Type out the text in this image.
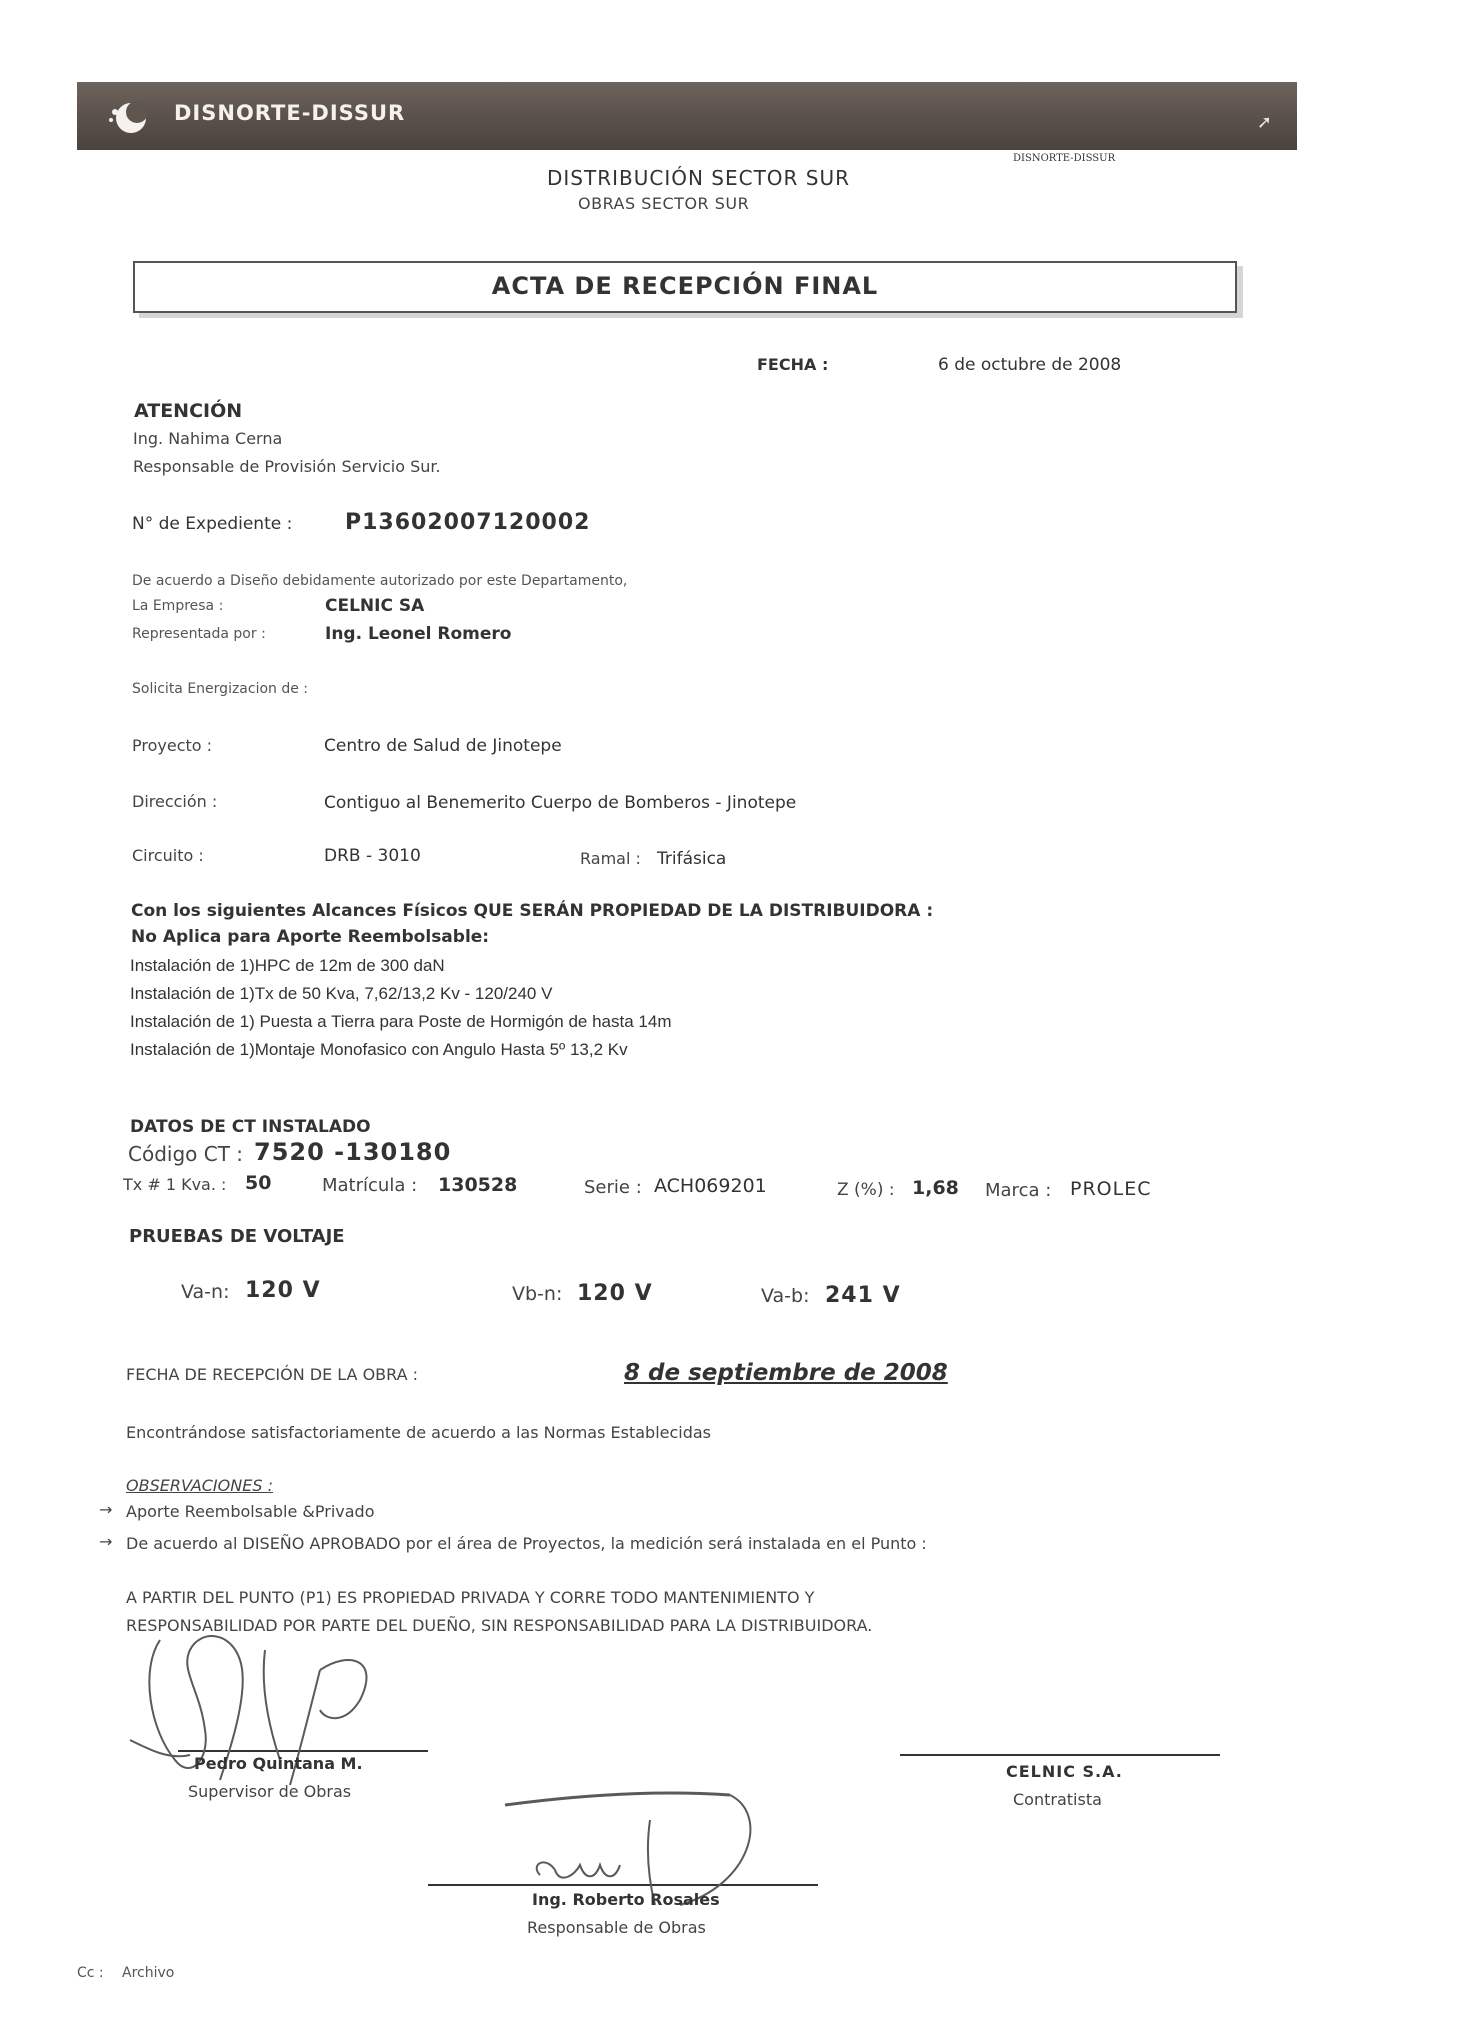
DISNORTE-DISSUR	➚
DISNORTE-DISSUR
DISTRIBUCIÓN SECTOR SUR
OBRAS SECTOR SUR
ACTA DE RECEPCIÓN FINAL
FECHA :	6 de octubre de 2008
ATENCIÓN
Ing. Nahima Cerna
Responsable de Provisión Servicio Sur.
N° de Expediente : P13602007120002
De acuerdo a Diseño debidamente autorizado por este Departamento,
La Empresa :	CELNIC SA
Representada por :	Ing. Leonel Romero
Solicita Energizacion de :
Proyecto :	Centro de Salud de Jinotepe
Dirección :	Contiguo al Benemerito Cuerpo de Bomberos - Jinotepe
Circuito :	DRB - 3010	Ramal : Trifásica
Con los siguientes Alcances Físicos QUE SERÁN PROPIEDAD DE LA DISTRIBUIDORA :
No Aplica para Aporte Reembolsable:
Instalación de 1)HPC de 12m de 300 daN
Instalación de 1)Tx de 50 Kva, 7,62/13,2 Kv - 120/240 V
Instalación de 1) Puesta a Tierra para Poste de Hormigón de hasta 14m
Instalación de 1)Montaje Monofasico con Angulo Hasta 5º 13,2 Kv
DATOS DE CT INSTALADO
Código CT : 7520 -130180
Tx # 1 Kva. : 50	Matrícula : 130528	Serie : ACH069201	Z (%) : 1,68 Marca : PROLEC
PRUEBAS DE VOLTAJE
Va-n: 120 V	Vb-n: 120 V	Va-b: 241 V
FECHA DE RECEPCIÓN DE LA OBRA :	8 de septiembre de 2008
Encontrándose satisfactoriamente de acuerdo a las Normas Establecidas
OBSERVACIONES :
→ Aporte Reembolsable &Privado
→ De acuerdo al DISEÑO APROBADO por el área de Proyectos, la medición será instalada en el Punto :
A PARTIR DEL PUNTO (P1) ES PROPIEDAD PRIVADA Y CORRE TODO MANTENIMIENTO Y
RESPONSABILIDAD POR PARTE DEL DUEÑO, SIN RESPONSABILIDAD PARA LA DISTRIBUIDORA.
Pedro Quintana M.
Supervisor de Obras
CELNIC S.A.
Contratista
Ing. Roberto Rosales
Responsable de Obras
Cc : Archivo
